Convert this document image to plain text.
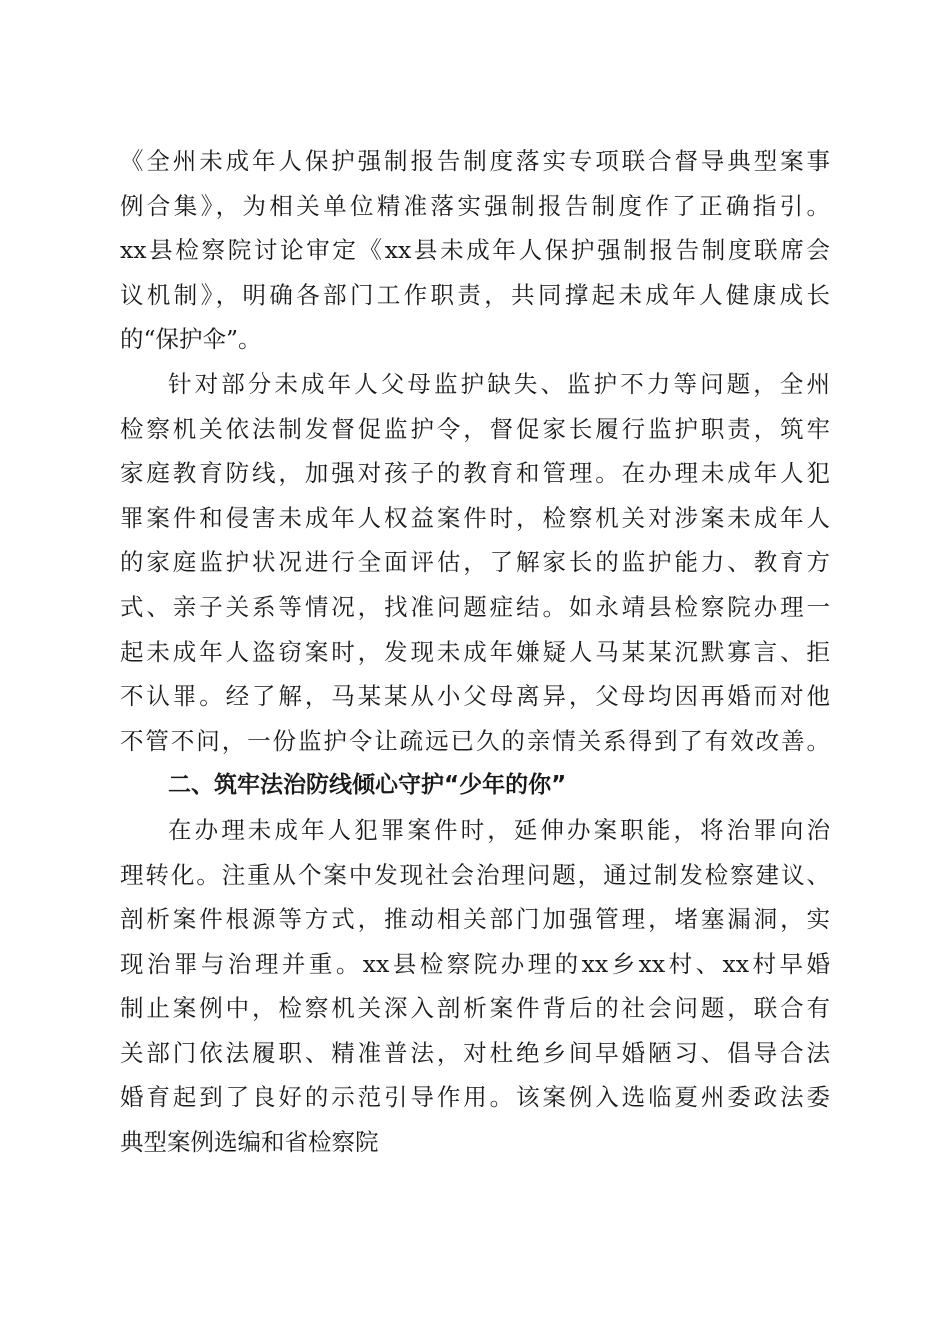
《全州未成年人保护强制报告制度落实专项联合督导典型案事
例合集》，为相关单位精准落实强制报告制度作了正确指引。
xx县检察院讨论审定《xx县未成年人保护强制报告制度联席会
议机制》，明确各部门工作职责，共同撑起未成年人健康成长
的“保护伞”。
针对部分未成年人父母监护缺失、监护不力等问题，全州
检察机关依法制发督促监护令，督促家长履行监护职责，筑牢
家庭教育防线，加强对孩子的教育和管理。在办理未成年人犯
罪案件和侵害未成年人权益案件时，检察机关对涉案未成年人
的家庭监护状况进行全面评估，了解家长的监护能力、教育方
式、亲子关系等情况，找准问题症结。如永靖县检察院办理一
起未成年人盗窃案时，发现未成年嫌疑人马某某沉默寡言、拒
不认罪。经了解，马某某从小父母离异，父母均因再婚而对他
不管不问，一份监护令让疏远已久的亲情关系得到了有效改善。
二、筑牢法治防线倾心守护“少年的你”
在办理未成年人犯罪案件时，延伸办案职能，将治罪向治
理转化。注重从个案中发现社会治理问题，通过制发检察建议、
剖析案件根源等方式，推动相关部门加强管理，堵塞漏洞，实
现治罪与治理并重。xx县检察院办理的xx乡xx村、xx村早婚
制止案例中，检察机关深入剖析案件背后的社会问题，联合有
关部门依法履职、精准普法，对杜绝乡间早婚陋习、倡导合法
婚育起到了良好的示范引导作用。该案例入选临夏州委政法委
典型案例选编和省检察院
